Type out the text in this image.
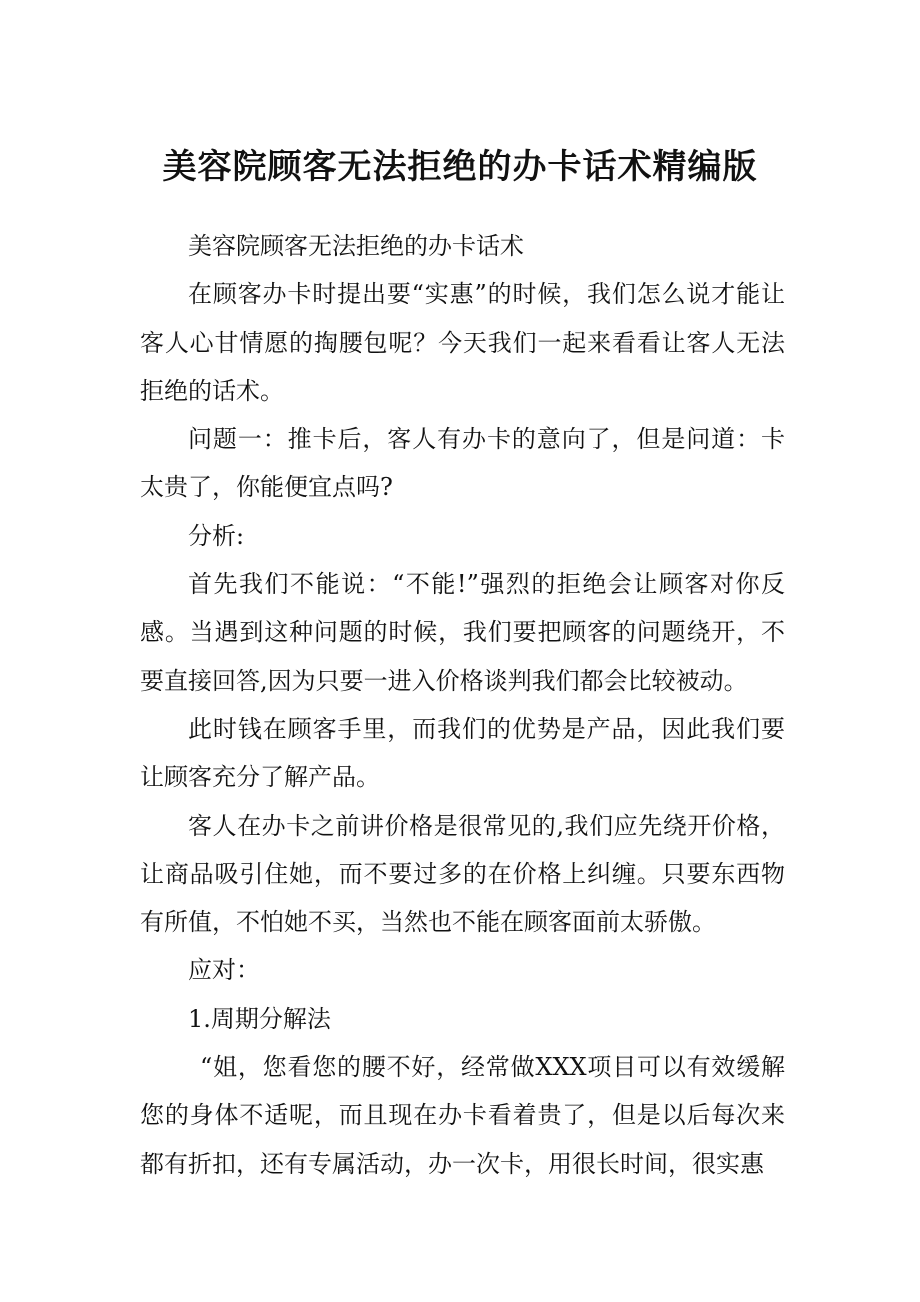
美容院顾客无法拒绝的办卡话术精编版

美容院顾客无法拒绝的办卡话术

在顾客办卡时提出要“实惠”的时候，我们怎么说才能让客人心甘情愿的掏腰包呢？今天我们一起来看看让客人无法拒绝的话术。

问题一：推卡后，客人有办卡的意向了，但是问道：卡太贵了，你能便宜点吗?

分析:

首先我们不能说：“不能!”强烈的拒绝会让顾客对你反感。当遇到这种问题的时候，我们要把顾客的问题绕开，不要直接回答,因为只要一进入价格谈判我们都会比较被动。

此时钱在顾客手里，而我们的优势是产品，因此我们要让顾客充分了解产品。

客人在办卡之前讲价格是很常见的,我们应先绕开价格，让商品吸引住她，而不要过多的在价格上纠缠。只要东西物有所值，不怕她不买，当然也不能在顾客面前太骄傲。

应对：

1.周期分解法

“姐，您看您的腰不好，经常做XXX项目可以有效缓解您的身体不适呢，而且现在办卡看着贵了，但是以后每次来都有折扣，还有专属活动，办一次卡，用很长时间，很实惠
